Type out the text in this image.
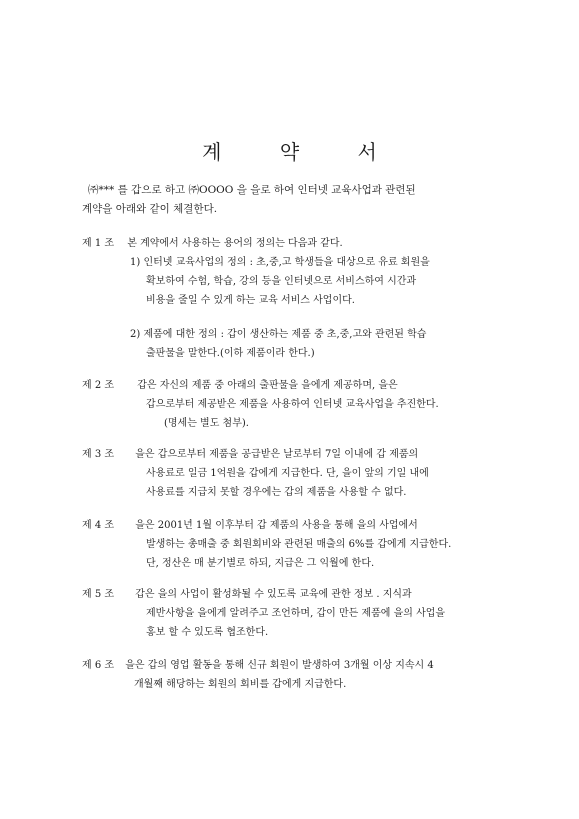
계 약 서
㈜*** 를 갑으로 하고 ㈜OOOO 을 을로 하여 인터넷 교육사업과 관련된
계약을 아래와 같이 체결한다.
제 1 조 본 계약에서 사용하는 용어의 정의는 다음과 같다.
1) 인터넷 교육사업의 정의 : 초,중,고 학생들을 대상으로 유료 회원을
확보하여 수험, 학습, 강의 등을 인터넷으로 서비스하여 시간과
비용을 줄일 수 있게 하는 교육 서비스 사업이다.
2) 제품에 대한 정의 : 갑이 생산하는 제품 중 초,중,고와 관련된 학습
출판물을 말한다.(이하 제품이라 한다.)
제 2 조 갑은 자신의 제품 중 아래의 출판물을 을에게 제공하며, 을은
갑으로부터 제공받은 제품을 사용하여 인터넷 교육사업을 추진한다.
(명세는 별도 첨부).
제 3 조 을은 갑으로부터 제품을 공급받은 날로부터 7일 이내에 갑 제품의
사용료로 일금 1억원을 갑에게 지급한다. 단, 을이 앞의 기일 내에
사용료를 지급치 못할 경우에는 갑의 제품을 사용할 수 없다.
제 4 조 을은 2001년 1월 이후부터 갑 제품의 사용을 통해 을의 사업에서
발생하는 총매출 중 회원회비와 관련된 매출의 6%를 갑에게 지급한다.
단, 정산은 매 분기별로 하되, 지급은 그 익월에 한다.
제 5 조 갑은 을의 사업이 활성화될 수 있도록 교육에 관한 정보 . 지식과
제반사항을 을에게 알려주고 조언하며, 갑이 만든 제품에 을의 사업을
홍보 할 수 있도록 협조한다.
제 6 조 을은 갑의 영업 활동을 통해 신규 회원이 발생하여 3개월 이상 지속시 4
개월째 해당하는 회원의 회비를 갑에게 지급한다.
